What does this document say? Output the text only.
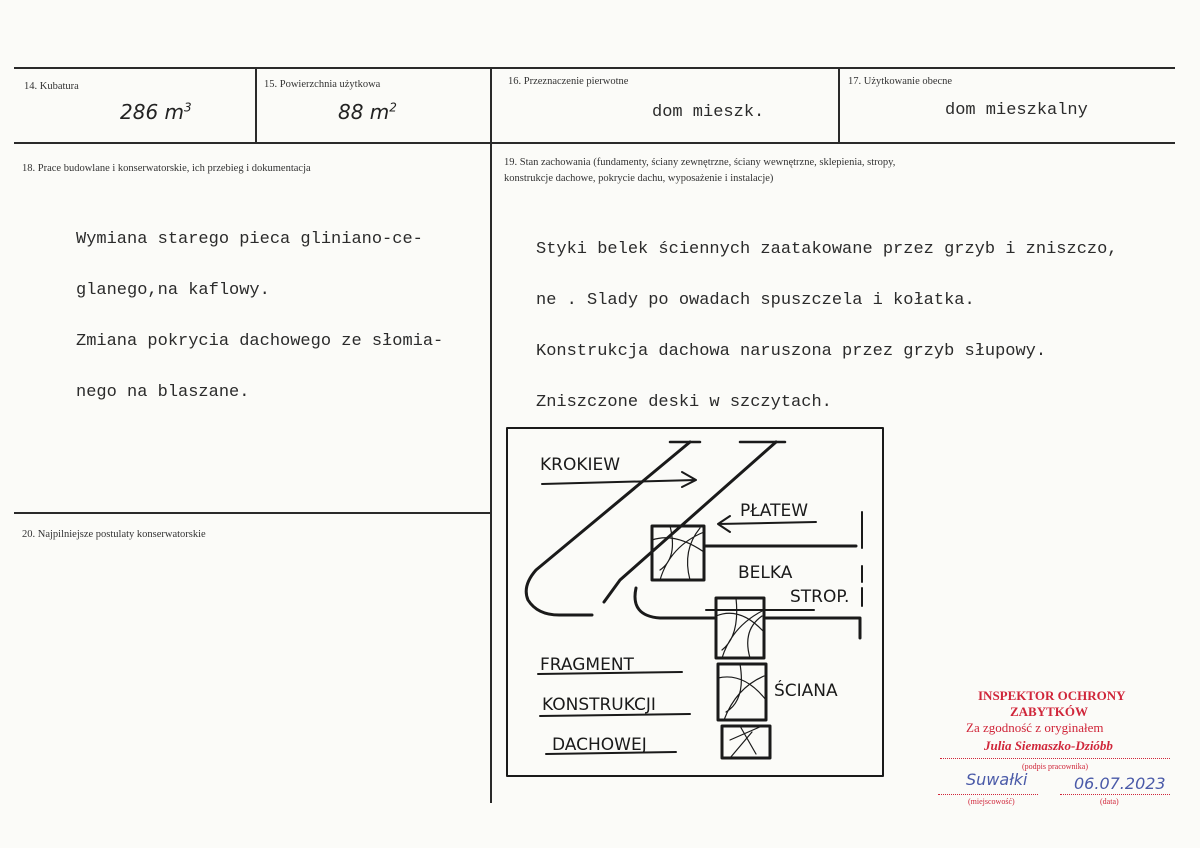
14. Kubatura
286 $m^3$
15. Powierzchnia użytkowa
88 $m^2$
16. Przeznaczenie pierwotne
dom mieszk.
17. Użytkowanie obecne
dom mieszkalny
18. Prace budowlane i konserwatorskie, ich przebieg i dokumentacja

Wymiana starego pieca gliniano-ce-

glanego,na kaflowy.

Zmiana pokrycia dachowego ze słomia-

nego na blaszane.

19. Stan zachowania (fundamenty, ściany zewnętrzne, ściany wewnętrzne, sklepienia, stropy,
konstrukcje dachowe, pokrycie dachu, wyposażenie i instalacje)

Styki belek ściennych zaatakowane przez grzyb i zniszczo,

ne . Slady po owadach spuszczela i kołatka.

Konstrukcja dachowa naruszona przez grzyb słupowy.

Zniszczone deski w szczytach.

20. Najpilniejsze postulaty konserwatorskie
KROKIEW
PŁATEW
BELKA
STROP.
ŚCIANA
FRAGMENT
KONSTRUKCJI
DACHOWEJ
INSPEKTOR OCHRONY
ZABYTKÓW
Za zgodność z oryginałem
Julia Siemaszko-Dzióbb
(podpis pracownika)
Suwałki	06.07.2023
(miejscowość)	(data)
